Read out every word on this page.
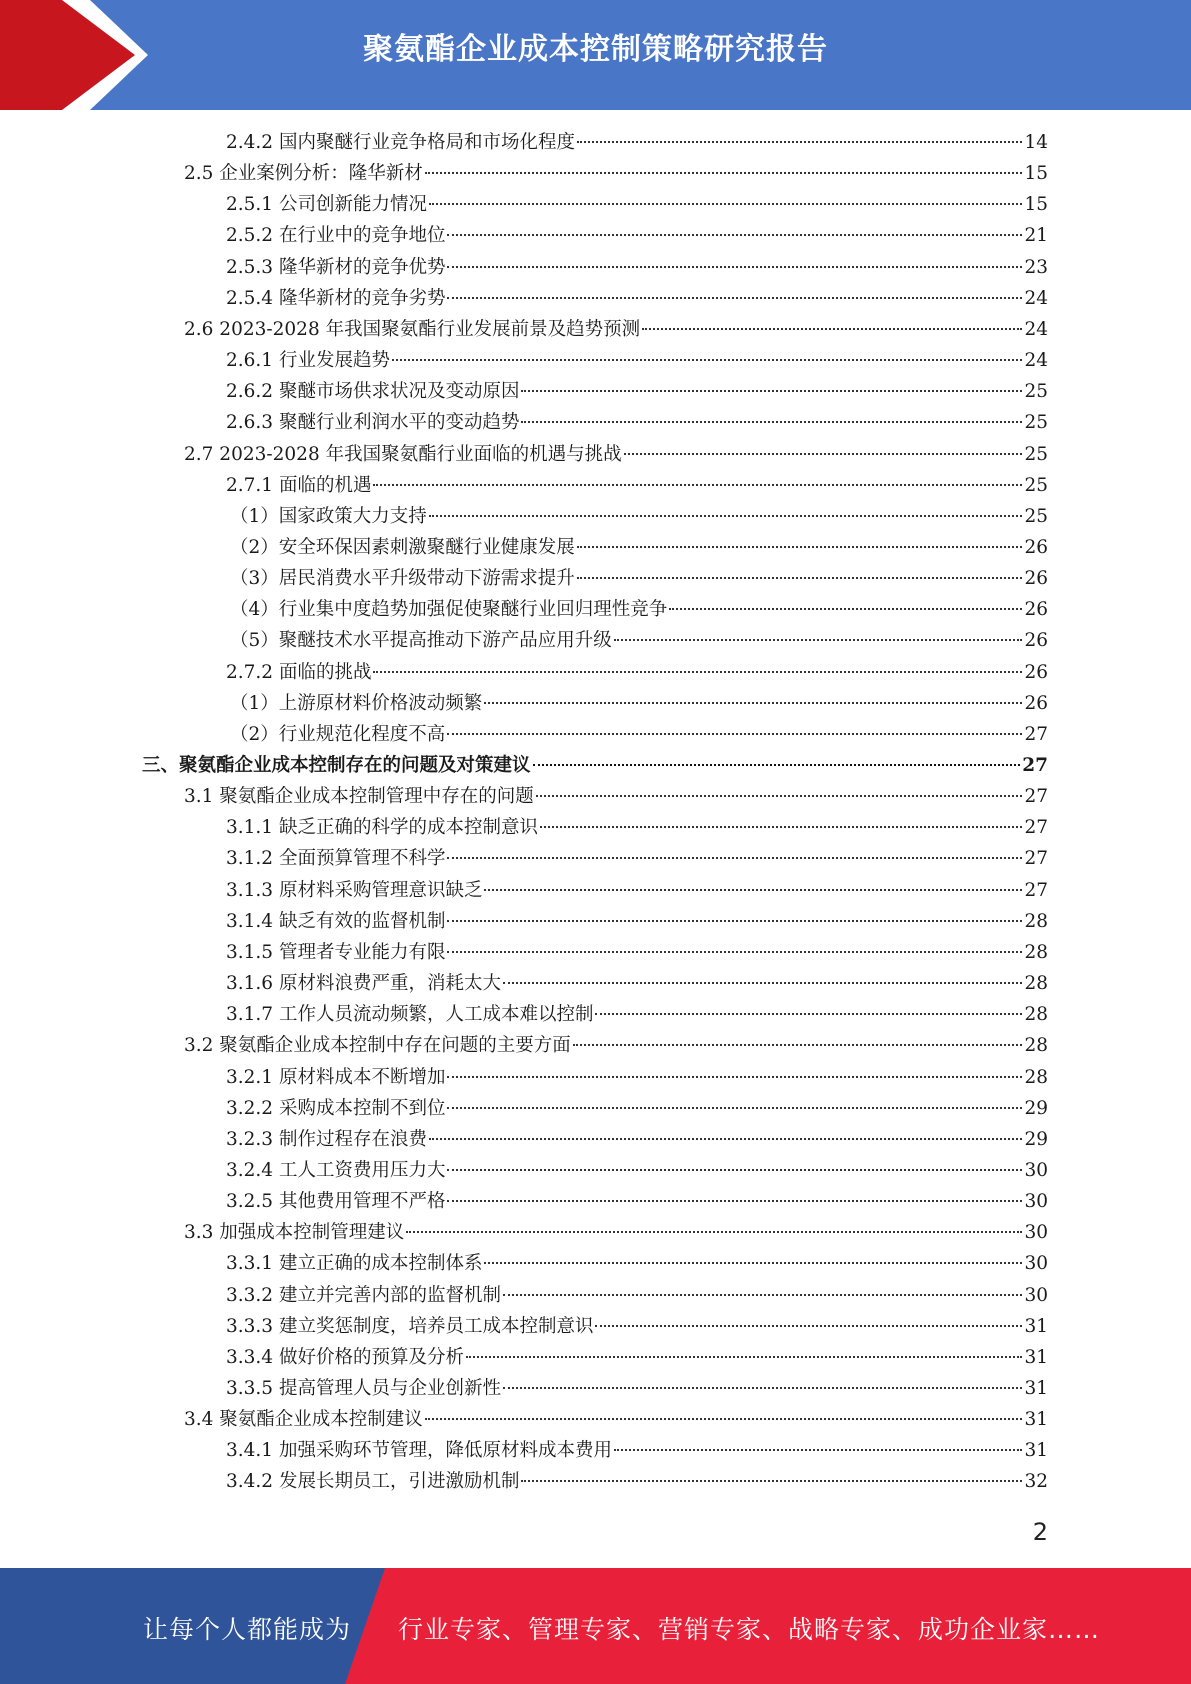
聚氨酯企业成本控制策略研究报告
2.4.2 国内聚醚行业竞争格局和市场化程度	14
2.5 企业案例分析：隆华新材	15
2.5.1 公司创新能力情况	15
2.5.2 在行业中的竞争地位	21
2.5.3 隆华新材的竞争优势	23
2.5.4 隆华新材的竞争劣势	24
2.6 2023-2028 年我国聚氨酯行业发展前景及趋势预测	24
2.6.1 行业发展趋势	24
2.6.2 聚醚市场供求状况及变动原因	25
2.6.3 聚醚行业利润水平的变动趋势	25
2.7 2023-2028 年我国聚氨酯行业面临的机遇与挑战	25
2.7.1 面临的机遇	25
（1）国家政策大力支持	25
（2）安全环保因素刺激聚醚行业健康发展	26
（3）居民消费水平升级带动下游需求提升	26
（4）行业集中度趋势加强促使聚醚行业回归理性竞争	26
（5）聚醚技术水平提高推动下游产品应用升级	26
2.7.2 面临的挑战	26
（1）上游原材料价格波动频繁	26
（2）行业规范化程度不高	27
三、聚氨酯企业成本控制存在的问题及对策建议	27
3.1 聚氨酯企业成本控制管理中存在的问题	27
3.1.1 缺乏正确的科学的成本控制意识	27
3.1.2 全面预算管理不科学	27
3.1.3 原材料采购管理意识缺乏	27
3.1.4 缺乏有效的监督机制	28
3.1.5 管理者专业能力有限	28
3.1.6 原材料浪费严重，消耗太大	28
3.1.7 工作人员流动频繁，人工成本难以控制	28
3.2 聚氨酯企业成本控制中存在问题的主要方面	28
3.2.1 原材料成本不断增加	28
3.2.2 采购成本控制不到位	29
3.2.3 制作过程存在浪费	29
3.2.4 工人工资费用压力大	30
3.2.5 其他费用管理不严格	30
3.3 加强成本控制管理建议	30
3.3.1 建立正确的成本控制体系	30
3.3.2 建立并完善内部的监督机制	30
3.3.3 建立奖惩制度，培养员工成本控制意识	31
3.3.4 做好价格的预算及分析	31
3.3.5 提高管理人员与企业创新性	31
3.4 聚氨酯企业成本控制建议	31
3.4.1 加强采购环节管理，降低原材料成本费用	31
3.4.2 发展长期员工，引进激励机制	32
2
让每个人都能成为 行业专家、管理专家、营销专家、战略专家、成功企业家……
